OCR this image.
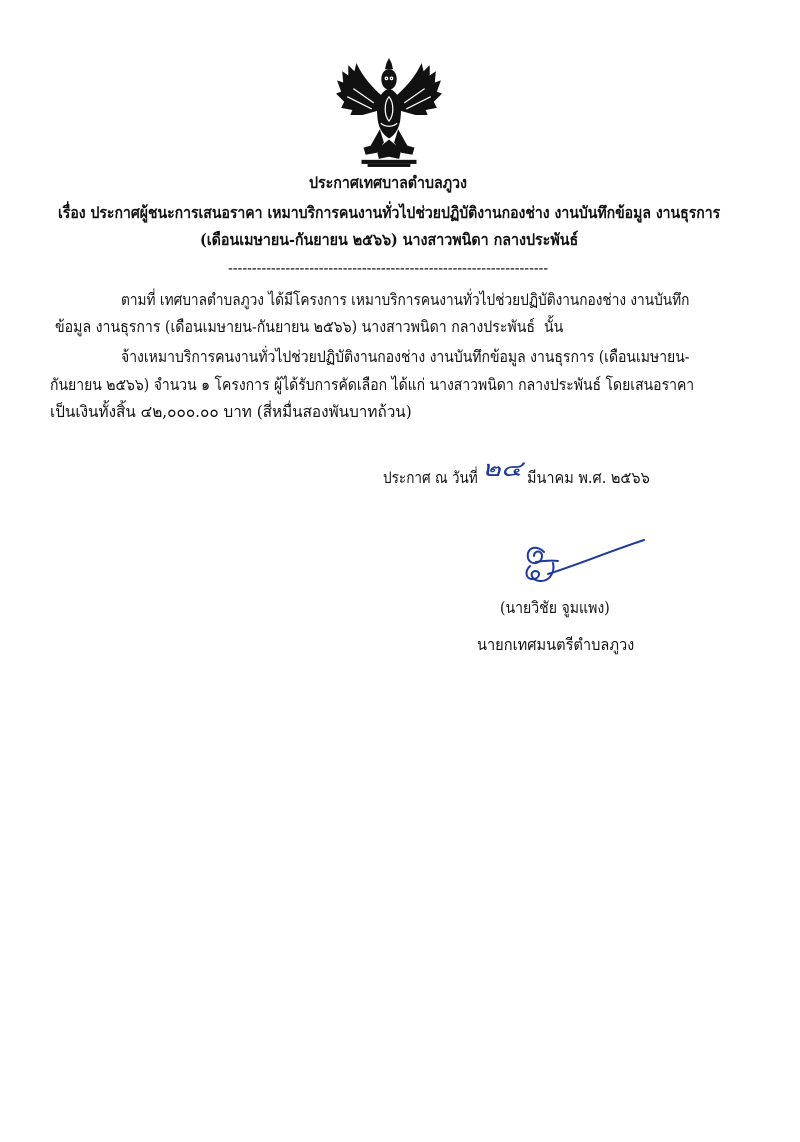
ประกาศเทศบาลตำบลภูวง
เรื่อง ประกาศผู้ชนะการเสนอราคา เหมาบริการคนงานทั่วไปช่วยปฏิบัติงานกองช่าง งานบันทึกข้อมูล งานธุรการ
(เดือนเมษายน-กันยายน ๒๕๖๖) นางสาวพนิดา กลางประพันธ์
-------------------------------------------------------------------
ตามที่ เทศบาลตำบลภูวง ได้มีโครงการ เหมาบริการคนงานทั่วไปช่วยปฏิบัติงานกองช่าง งานบันทึก
ข้อมูล งานธุรการ (เดือนเมษายน-กันยายน ๒๕๖๖) นางสาวพนิดา กลางประพันธ์  นั้น
จ้างเหมาบริการคนงานทั่วไปช่วยปฏิบัติงานกองช่าง งานบันทึกข้อมูล งานธุรการ (เดือนเมษายน-
กันยายน ๒๕๖๖) จำนวน ๑ โครงการ ผู้ได้รับการคัดเลือก ได้แก่ นางสาวพนิดา กลางประพันธ์ โดยเสนอราคา
เป็นเงินทั้งสิ้น ๔๒,๐๐๐.๐๐ บาท (สี่หมื่นสองพันบาทถ้วน)
ประกาศ ณ วันที่ ๒๔ มีนาคม พ.ศ. ๒๕๖๖
(นายวิชัย จูมแพง)
นายกเทศมนตรีตำบลภูวง
